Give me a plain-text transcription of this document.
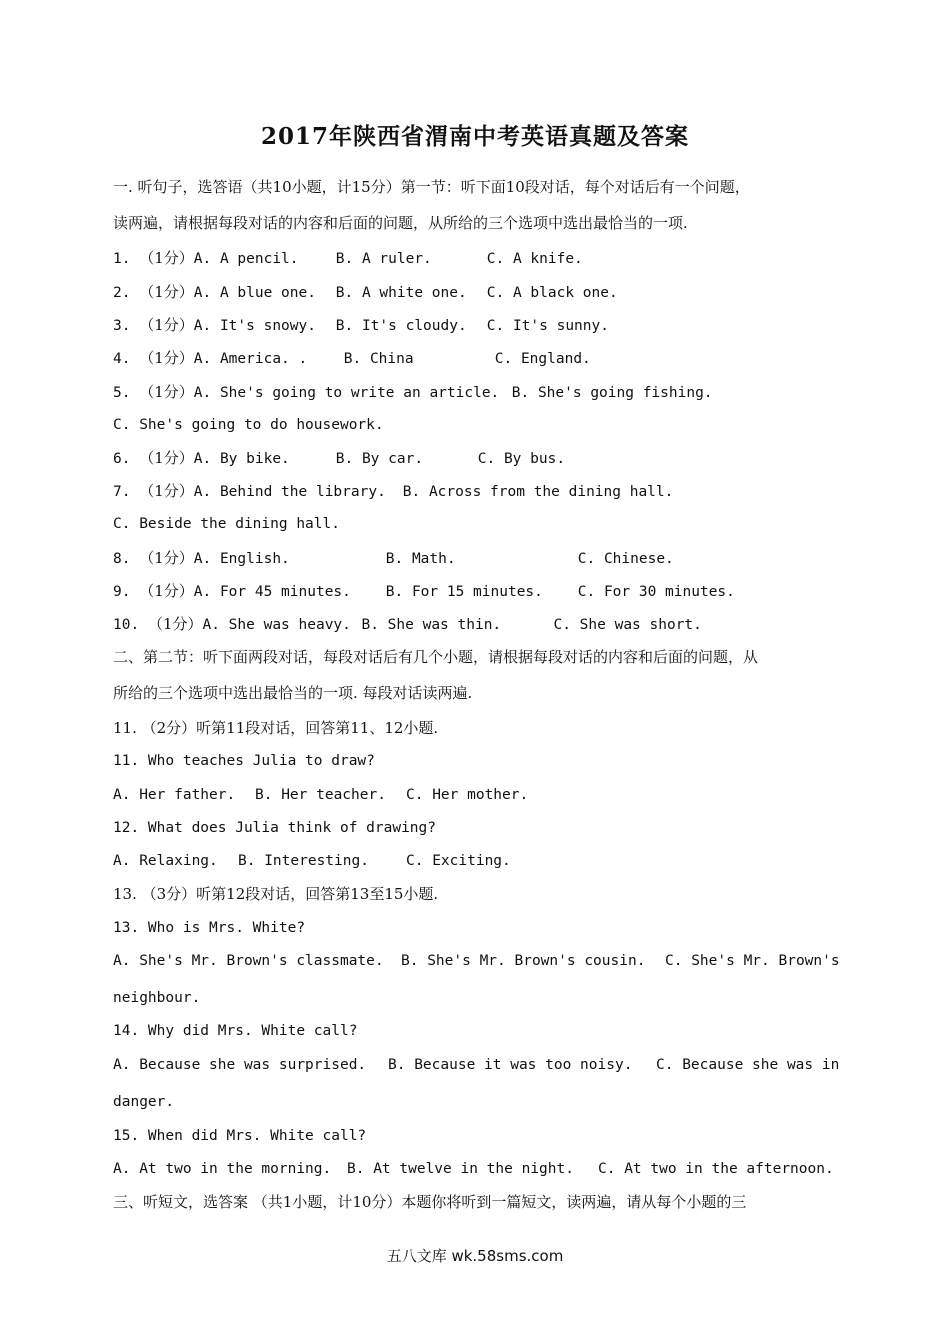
2017年陕西省渭南中考英语真题及答案
一. 听句子，选答语（共10小题，计15分）第一节：听下面10段对话，每个对话后有一个问题，
读两遍，请根据每段对话的内容和后面的问题，从所给的三个选项中选出最恰当的一项.
1. （1分）A. A pencil.	B. A ruler.	C. A knife.
2. （1分）A. A blue one. B. A white one. C. A black one.
3. （1分）A. It's snowy. B. It's cloudy. C. It's sunny.
4. （1分）A. America. .	B. China	C. England.
5. （1分）A. She's going to write an article. B. She's going fishing.
C. She's going to do housework.
6. （1分）A. By bike.	B. By car.	C. By bus.
7. （1分）A. Behind the library. B. Across from the dining hall.
C. Beside the dining hall.
8. （1分）A. English.	B. Math.	C. Chinese.
9. （1分）A. For 45 minutes. B. For 15 minutes. C. For 30 minutes.
10. （1分）A. She was heavy. B. She was thin.	C. She was short.
二、第二节：听下面两段对话，每段对话后有几个小题，请根据每段对话的内容和后面的问题，从
所给的三个选项中选出最恰当的一项. 每段对话读两遍.
11. （2分）听第11段对话，回答第11、12小题.
11. Who teaches Julia to draw?
A. Her father. B. Her teacher. C. Her mother.
12. What does Julia think of drawing?
A. Relaxing. B. Interesting.	C. Exciting.
13. （3分）听第12段对话，回答第13至15小题.
13. Who is Mrs. White?
A. She's Mr. Brown's classmate. B. She's Mr. Brown's cousin. C. She's Mr. Brown's
neighbour.
14. Why did Mrs. White call?
A. Because she was surprised. B. Because it was too noisy. C. Because she was in
danger.
15. When did Mrs. White call?
A. At two in the morning. B. At twelve in the night. C. At two in the afternoon.
三、听短文，选答案 （共1小题，计10分）本题你将听到一篇短文，读两遍，请从每个小题的三
五八文库 wk.58sms.com
